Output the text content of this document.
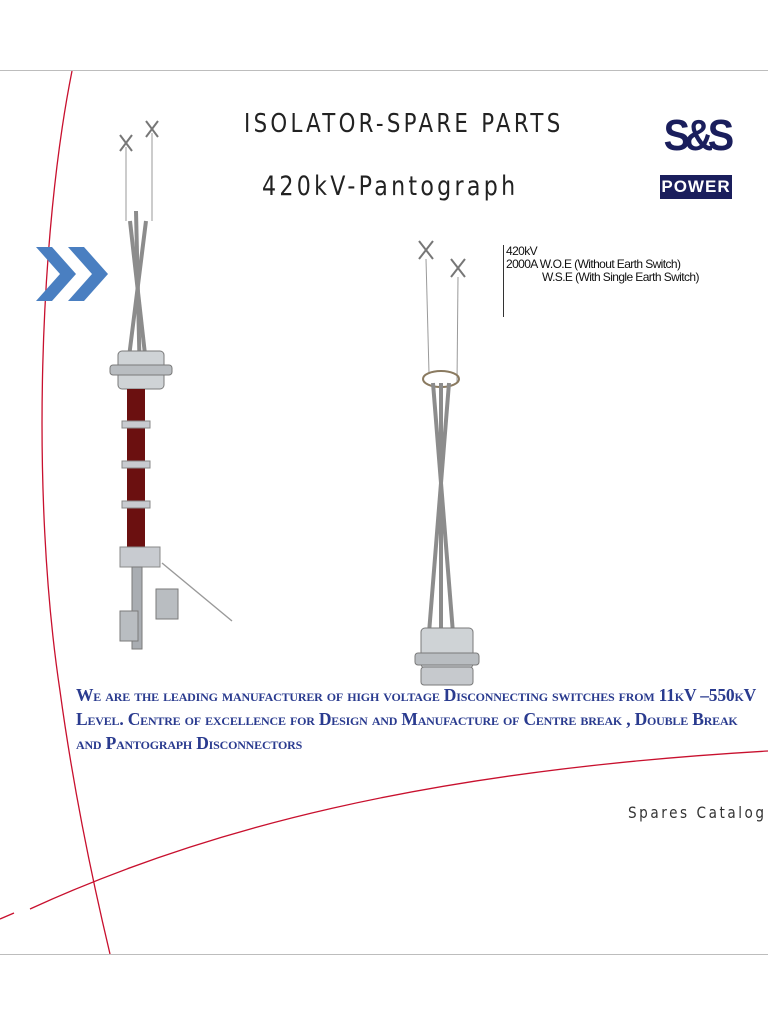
ISOLATOR-SPARE PARTS
420kV-Pantograph
S&S
POWER
420kV
2000A W.O.E (Without Earth Switch)
W.S.E (With Single Earth Switch)
We are the leading manufacturer of high voltage Disconnecting switches from 11kV –550kV Level. Centre of excellence for Design and Manufacture of Centre break , Double Break and Pantograph Disconnectors
Spares Catalog
